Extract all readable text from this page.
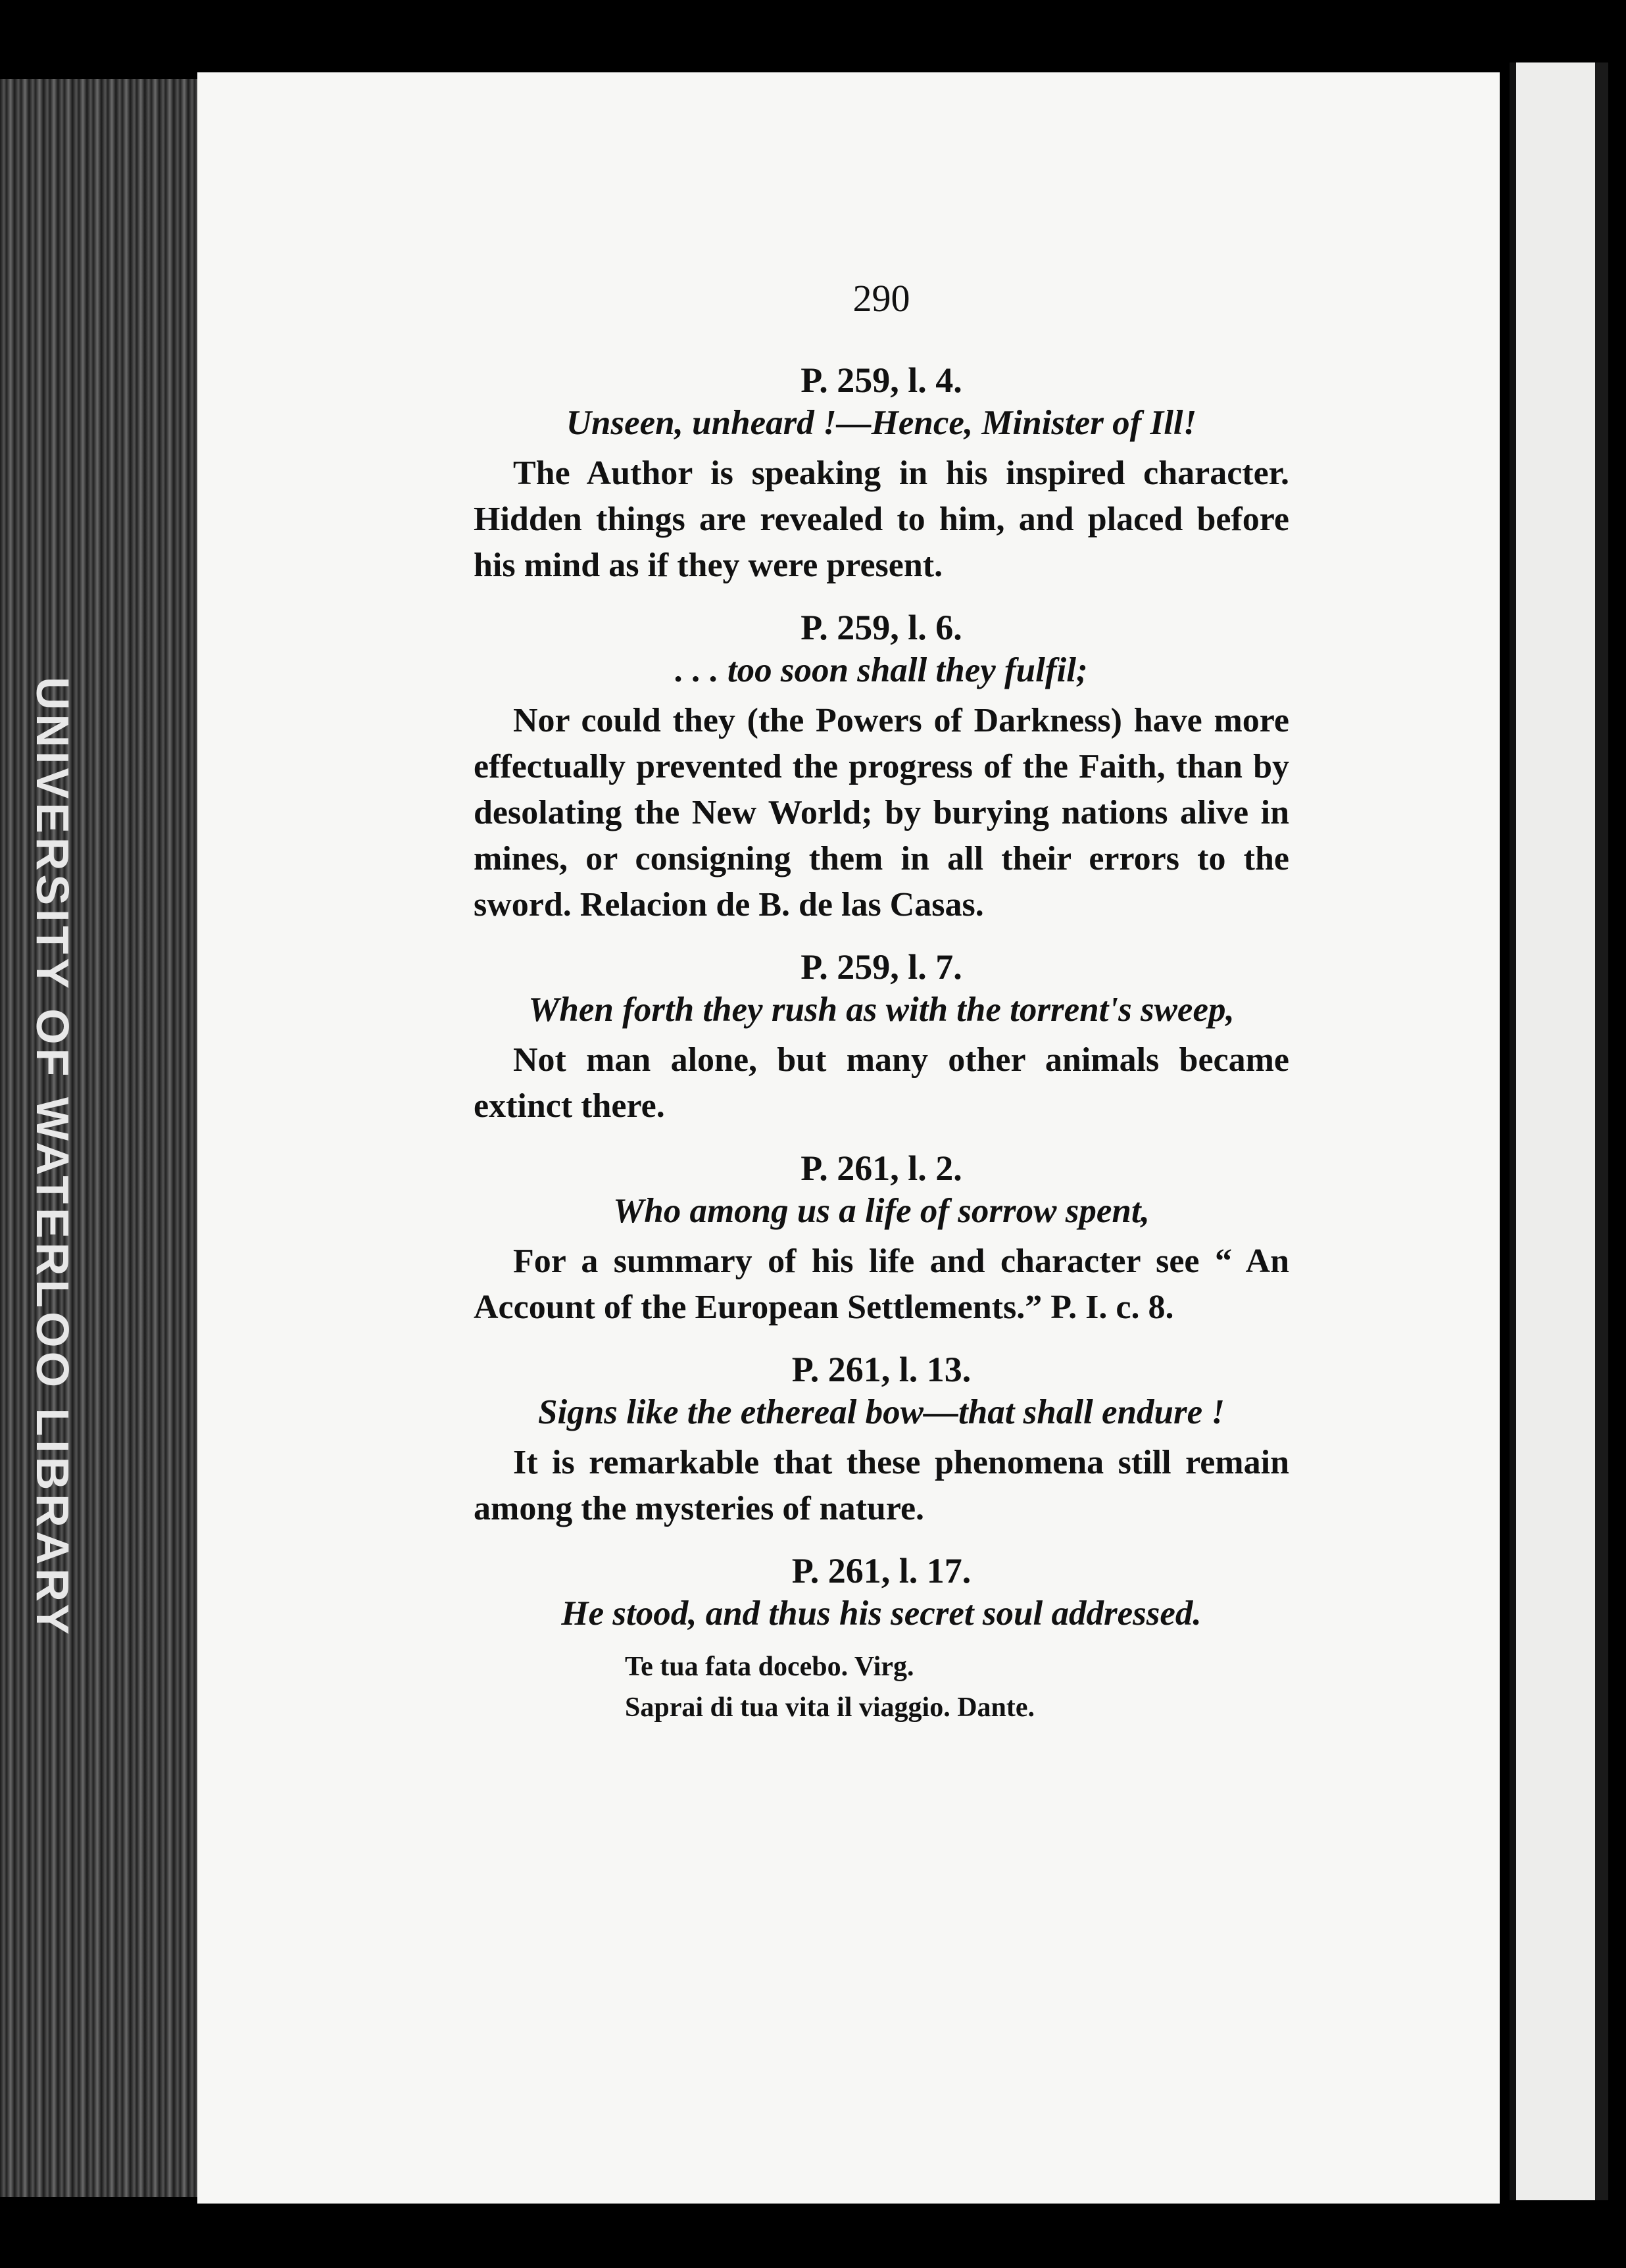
UNIVERSITY OF WATERLOO LIBRARY
290
P. 259, l. 4.
Unseen, unheard !—Hence, Minister of Ill!
The Author is speaking in his inspired character. Hidden things are revealed to him, and placed before his mind as if they were present.
P. 259, l. 6.
. . . too soon shall they fulfil;
Nor could they (the Powers of Darkness) have more effectually prevented the progress of the Faith, than by desolating the New World; by burying nations alive in mines, or consigning them in all their errors to the sword. Relacion de B. de las Casas.
P. 259, l. 7.
When forth they rush as with the torrent's sweep,
Not man alone, but many other animals became extinct there.
P. 261, l. 2.
Who among us a life of sorrow spent,
For a summary of his life and character see “ An Account of the European Settlements.” P. I. c. 8.
P. 261, l. 13.
Signs like the ethereal bow—that shall endure !
It is remarkable that these phenomena still remain among the mysteries of nature.
P. 261, l. 17.
He stood, and thus his secret soul addressed.
Te tua fata docebo. Virg.
Saprai di tua vita il viaggio. Dante.
